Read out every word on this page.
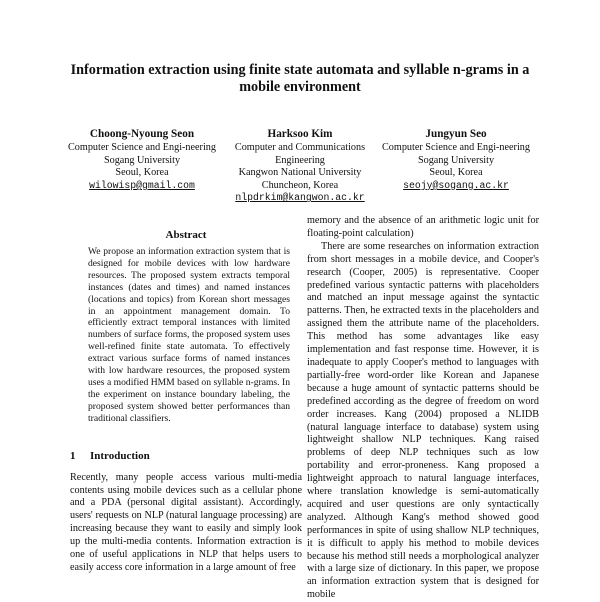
Information extraction using finite state automata and syllable n-grams in a mobile environment
Choong-Nyoung Seon
Computer Science and Engi-neering
Sogang University
Seoul, Korea
wilowisp@gmail.com
Harksoo Kim
Computer and Communications Engineering
Kangwon National University
Chuncheon, Korea
nlpdrkim@kangwon.ac.kr
Jungyun Seo
Computer Science and Engi-neering
Sogang University
Seoul, Korea
seojy@sogang.ac.kr
Abstract
We propose an information extraction system that is designed for mobile devices with low hardware resources. The proposed system extracts temporal instances (dates and times) and named instances (locations and topics) from Korean short messages in an appointment management domain. To efficiently extract temporal instances with limited numbers of surface forms, the proposed system uses well-refined finite state automata. To effectively extract various surface forms of named instances with low hardware resources, the proposed system uses a modified HMM based on syllable n-grams. In the experiment on instance boundary labeling, the proposed system showed better performances than traditional classifiers.
1 Introduction
Recently, many people access various multi-media contents using mobile devices such as a cellular phone and a PDA (personal digital assistant). Accordingly, users' requests on NLP (natural language processing) are increasing because they want to easily and simply look up the multi-media contents. Information extraction is one of useful applications in NLP that helps users to easily access core information in a large amount of free

memory and the absence of an arithmetic logic unit for floating-point calculation)

There are some researches on information extraction from short messages in a mobile device, and Cooper's research (Cooper, 2005) is representative. Cooper predefined various syntactic patterns with placeholders and matched an input message against the syntactic patterns. Then, he extracted texts in the placeholders and assigned them the attribute name of the placeholders. This method has some advantages like easy implementation and fast response time. However, it is inadequate to apply Cooper's method to languages with partially-free word-order like Korean and Japanese because a huge amount of syntactic patterns should be predefined according as the degree of freedom on word order increases. Kang (2004) proposed a NLIDB (natural language interface to database) system using lightweight shallow NLP techniques. Kang raised problems of deep NLP techniques such as low portability and error-proneness. Kang proposed a lightweight approach to natural language interfaces, where translation knowledge is semi-automatically acquired and user questions are only syntactically analyzed. Although Kang's method showed good performances in spite of using shallow NLP techniques, it is difficult to apply his method to mobile devices because his method still needs a morphological analyzer with a large size of dictionary. In this paper, we propose an information extraction system that is designed for mobile
